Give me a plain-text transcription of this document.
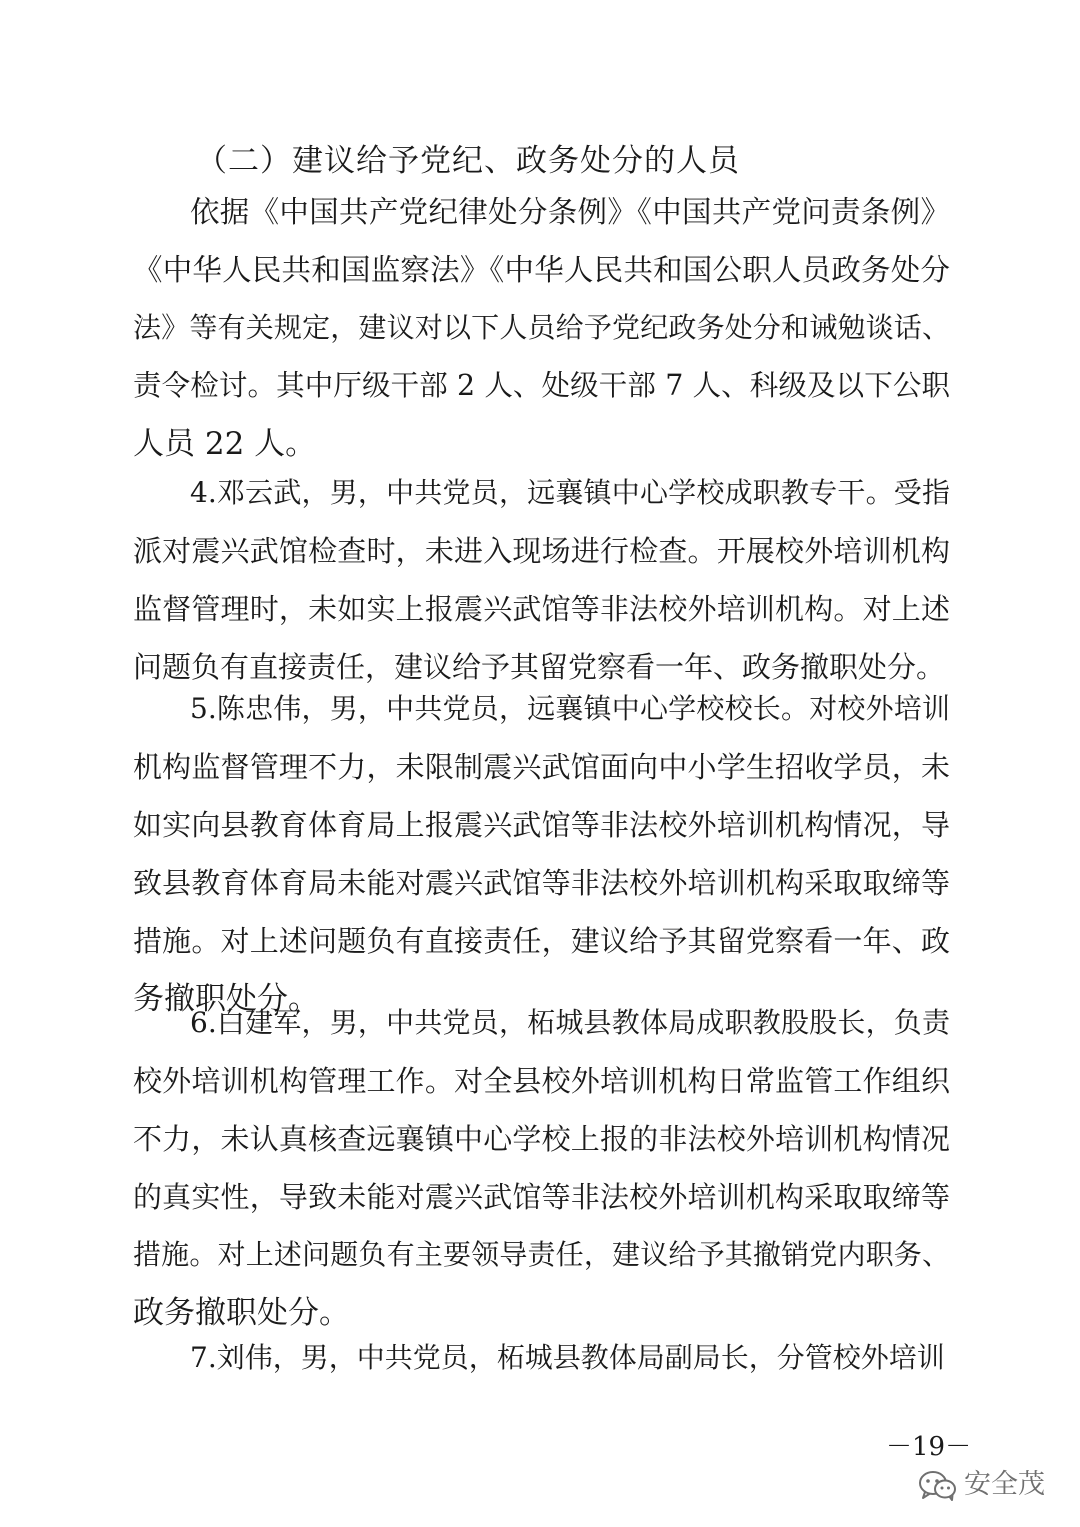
（二）建议给予党纪、政务处分的人员
依据《中国共产党纪律处分条例》《中国共产党问责条例》
《中华人民共和国监察法》《中华人民共和国公职人员政务处分
法》等有关规定，建议对以下人员给予党纪政务处分和诫勉谈话、
责令检讨。其中厅级干部 2 人、处级干部 7 人、科级及以下公职
人员 22 人。
4.邓云武，男，中共党员，远襄镇中心学校成职教专干。受指
派对震兴武馆检查时，未进入现场进行检查。开展校外培训机构
监督管理时，未如实上报震兴武馆等非法校外培训机构。对上述
问题负有直接责任，建议给予其留党察看一年、政务撤职处分。
5.陈忠伟，男，中共党员，远襄镇中心学校校长。对校外培训
机构监督管理不力，未限制震兴武馆面向中小学生招收学员，未
如实向县教育体育局上报震兴武馆等非法校外培训机构情况，导
致县教育体育局未能对震兴武馆等非法校外培训机构采取取缔等
措施。对上述问题负有直接责任，建议给予其留党察看一年、政
务撤职处分。
6.白建军，男，中共党员，柘城县教体局成职教股股长，负责
校外培训机构管理工作。对全县校外培训机构日常监管工作组织
不力，未认真核查远襄镇中心学校上报的非法校外培训机构情况
的真实性，导致未能对震兴武馆等非法校外培训机构采取取缔等
措施。对上述问题负有主要领导责任，建议给予其撤销党内职务、
政务撤职处分。
7.刘伟，男，中共党员，柘城县教体局副局长，分管校外培训
－19－
安全茂
